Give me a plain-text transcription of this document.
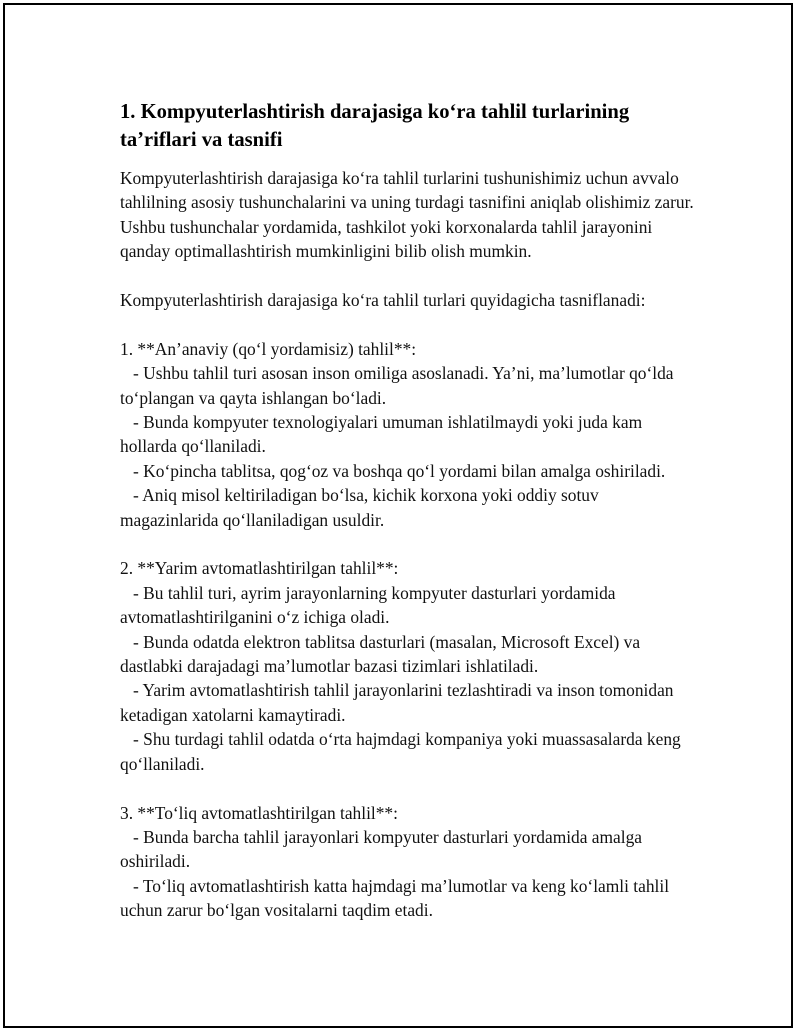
1. Kompyuterlashtirish darajasiga ko‘ra tahlil turlarining ta’riflari va tasnifi

Kompyuterlashtirish darajasiga ko‘ra tahlil turlarini tushunishimiz uchun avvalo tahlilning asosiy tushunchalarini va uning turdagi tasnifini aniqlab olishimiz zarur. Ushbu tushunchalar yordamida, tashkilot yoki korxonalarda tahlil jarayonini qanday optimallashtirish mumkinligini bilib olish mumkin.

Kompyuterlashtirish darajasiga ko‘ra tahlil turlari quyidagicha tasniflanadi:

1. **An’anaviy (qo‘l yordamisiz) tahlil**:

- Ushbu tahlil turi asosan inson omiliga asoslanadi. Ya’ni, ma’lumotlar qo‘lda to‘plangan va qayta ishlangan bo‘ladi.

- Bunda kompyuter texnologiyalari umuman ishlatilmaydi yoki juda kam hollarda qo‘llaniladi.

- Ko‘pincha tablitsa, qog‘oz va boshqa qo‘l yordami bilan amalga oshiriladi.

- Aniq misol keltiriladigan bo‘lsa, kichik korxona yoki oddiy sotuv magazinlarida qo‘llaniladigan usuldir.

2. **Yarim avtomatlashtirilgan tahlil**:

- Bu tahlil turi, ayrim jarayonlarning kompyuter dasturlari yordamida avtomatlashtirilganini o‘z ichiga oladi.

- Bunda odatda elektron tablitsa dasturlari (masalan, Microsoft Excel) va dastlabki darajadagi ma’lumotlar bazasi tizimlari ishlatiladi.

- Yarim avtomatlashtirish tahlil jarayonlarini tezlashtiradi va inson tomonidan ketadigan xatolarni kamaytiradi.

- Shu turdagi tahlil odatda o‘rta hajmdagi kompaniya yoki muassasalarda keng qo‘llaniladi.

3. **To‘liq avtomatlashtirilgan tahlil**:

- Bunda barcha tahlil jarayonlari kompyuter dasturlari yordamida amalga oshiriladi.

- To‘liq avtomatlashtirish katta hajmdagi ma’lumotlar va keng ko‘lamli tahlil uchun zarur bo‘lgan vositalarni taqdim etadi.
